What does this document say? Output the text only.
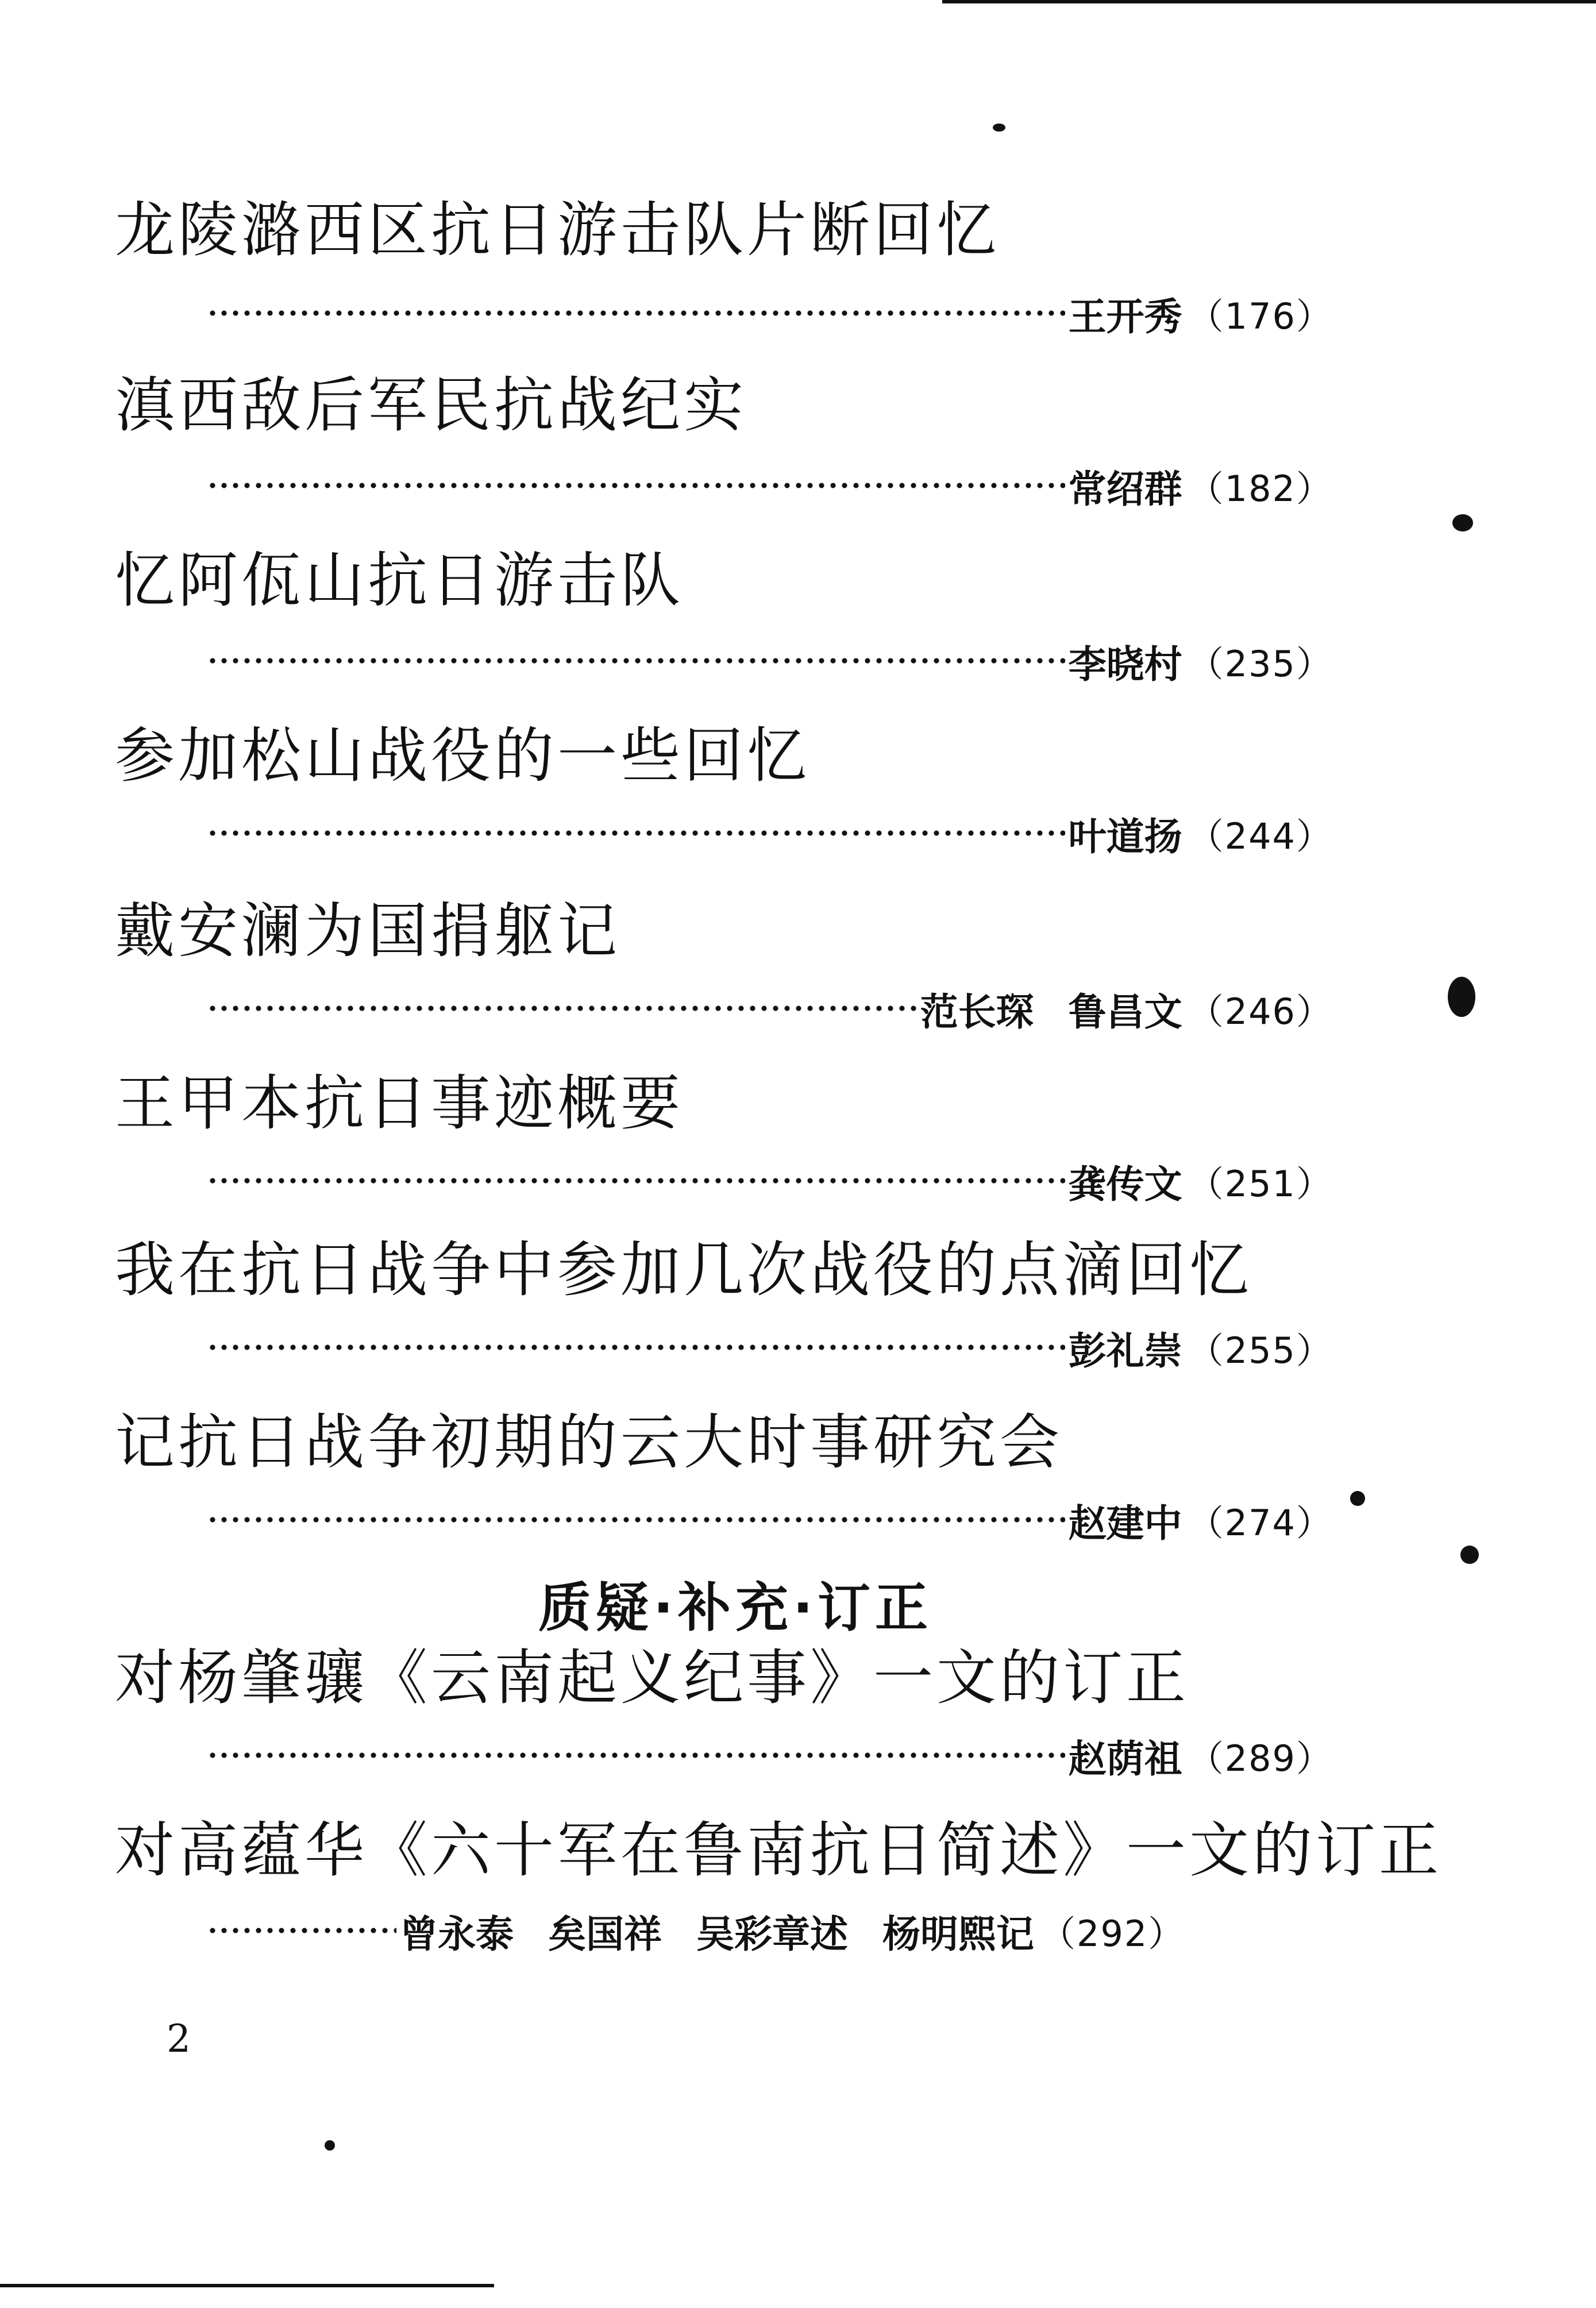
龙陵潞西区抗日游击队片断回忆
王开秀 （176）
滇西敌后军民抗战纪实
常绍群 （182）
忆阿佤山抗日游击队
李晓村 （235）
参加松山战役的一些回忆
叶道扬 （244）
戴安澜为国捐躯记
范长琛 鲁昌文 （246）
王甲本抗日事迹概要
龚传文 （251）
我在抗日战争中参加几次战役的点滴回忆
彭礼崇 （255）
记抗日战争初期的云大时事研究会
赵建中 （274）
质疑·补充·订正
对杨肇骧《云南起义纪事》一文的订正
赵荫祖 （289）
对高蕴华《六十军在鲁南抗日简述》一文的订正
曾永泰 矣国祥 吴彩章述 杨明熙记 （292）
2
